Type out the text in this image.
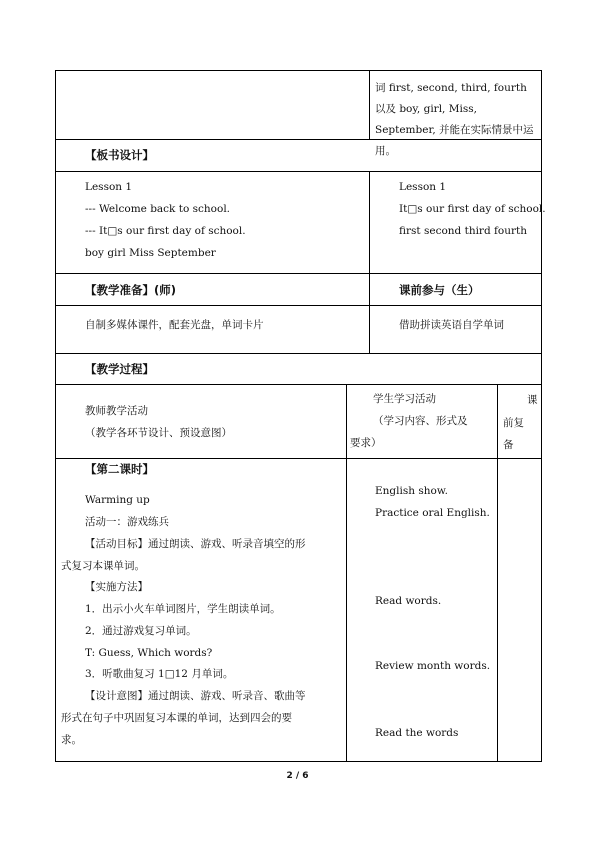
词 first, second, third, fourth 以及 boy, girl, Miss, September, 并能在实际情景中运用。
【板书设计】
Lesson 1
--- Welcome back to school.
--- It□s our first day of school.
boy girl Miss September
Lesson 1
It□s our first day of school.
first second third fourth
【教学准备】(师)	课前参与（生）
自制多媒体课件，配套光盘，单词卡片	借助拼读英语自学单词
【教学过程】
教师教学活动
（教学各环节设计、预设意图）
学生学习活动
（学习内容、形式及
要求）
课
前复
备
【第二课时】
Warming up
活动一：游戏练兵
【活动目标】通过朗读、游戏、听录音填空的形
式复习本课单词。
【实施方法】
1．出示小火车单词图片，学生朗读单词。
2．通过游戏复习单词。
T: Guess, Which words?
3．听歌曲复习 1□12 月单词。
【设计意图】通过朗读、游戏、听录音、歌曲等
形式在句子中巩固复习本课的单词，达到四会的要
求。
English show.
Practice oral English.
Read words.
Review month words.
Read the words
2 / 6
